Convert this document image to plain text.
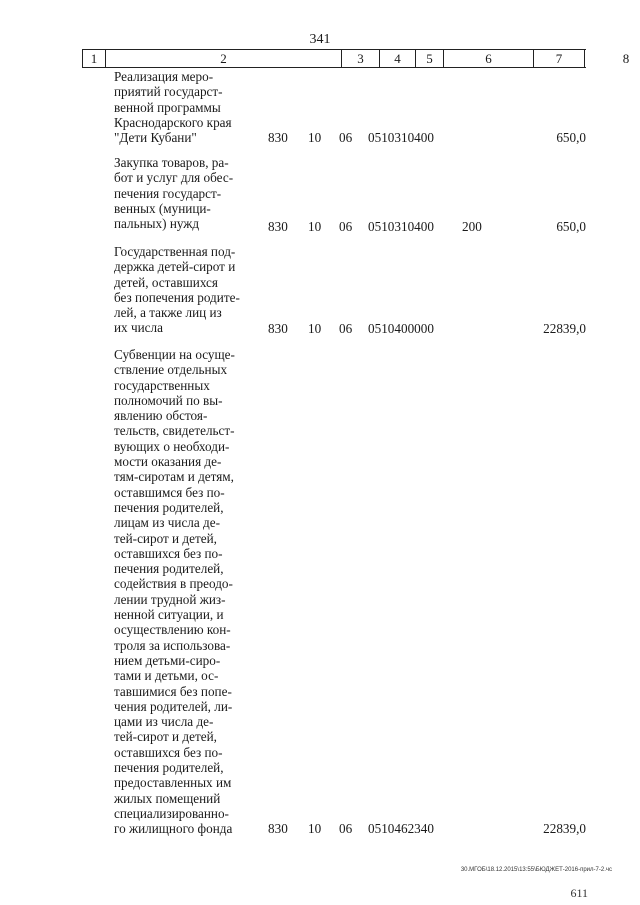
341
1	2	3	4	5	6	7	8
Реализация меро-
приятий государст-
венной программы
Краснодарского края
"Дети Кубани"	830 10 06 0510310400	650,0
Закупка товаров, ра-
бот и услуг для обес-
печения государст-
венных (муници-
пальных) нужд	830 10 06 0510310400 200	650,0
Государственная под-
держка детей-сирот и
детей, оставшихся
без попечения родите-
лей, а также лиц из
их числа	830 10 06 0510400000	22839,0
Субвенции на осуще-
ствление отдельных
государственных
полномочий по вы-
явлению обстоя-
тельств, свидетельст-
вующих о необходи-
мости оказания де-
тям-сиротам и детям,
оставшимся без по-
печения родителей,
лицам из числа де-
тей-сирот и детей,
оставшихся без по-
печения родителей,
содействия в преодо-
лении трудной жиз-
ненной ситуации, и
осуществлению кон-
троля за использова-
нием детьми-сиро-
тами и детьми, ос-
тавшимися без попе-
чения родителей, ли-
цами из числа де-
тей-сирот и детей,
оставшихся без по-
печения родителей,
предоставленных им
жилых помещений
специализированно-
го жилищного фонда	830 10 06 0510462340	22839,0
30.МГОБ\18.12.2015\13:55\БЮДЖЕТ-2016-прил-7-2.чс
611
